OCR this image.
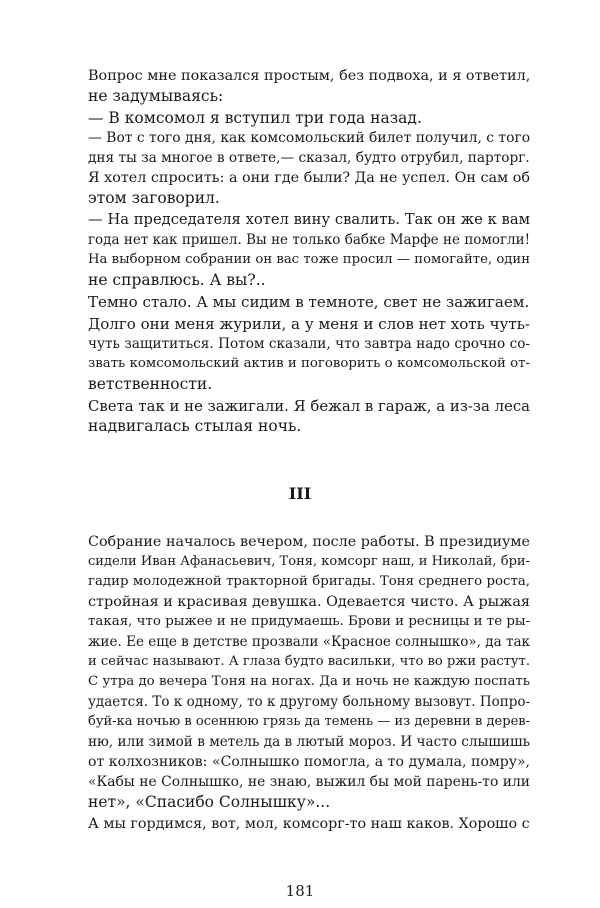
Вопрос мне показался простым, без подвоха, и я ответил,
не задумываясь:
— В комсомол я вступил три года назад.
— Вот с того дня, как комсомольский билет получил, с того
дня ты за многое в ответе,— сказал, будто отрубил, парторг.
Я хотел спросить: а они где были? Да не успел. Он сам об
этом заговорил.
— На председателя хотел вину свалить. Так он же к вам
года нет как пришел. Вы не только бабке Марфе не помогли!
На выборном собрании он вас тоже просил — помогайте, один
не справлюсь. А вы?..
Темно стало. А мы сидим в темноте, свет не зажигаем.
Долго они меня журили, а у меня и слов нет хоть чуть-
чуть защититься. Потом сказали, что завтра надо срочно со-
звать комсомольский актив и поговорить о комсомольской от-
ветственности.
Света так и не зажигали. Я бежал в гараж, а из-за леса
надвигалась стылая ночь.
III
Собрание началось вечером, после работы. В президиуме
сидели Иван Афанасьевич, Тоня, комсорг наш, и Николай, бри-
гадир молодежной тракторной бригады. Тоня среднего роста,
стройная и красивая девушка. Одевается чисто. А рыжая
такая, что рыжее и не придумаешь. Брови и ресницы и те ры-
жие. Ее еще в детстве прозвали «Красное солнышко», да так
и сейчас называют. А глаза будто васильки, что во ржи растут.
С утра до вечера Тоня на ногах. Да и ночь не каждую поспать
удается. То к одному, то к другому больному вызовут. Попро-
буй-ка ночью в осеннюю грязь да темень — из деревни в дерев-
ню, или зимой в метель да в лютый мороз. И часто слышишь
от колхозников: «Солнышко помогла, а то думала, помру»,
«Кабы не Солнышко, не знаю, выжил бы мой парень-то или
нет», «Спасибо Солнышку»...
А мы гордимся, вот, мол, комсорг-то наш каков. Хорошо с
181
